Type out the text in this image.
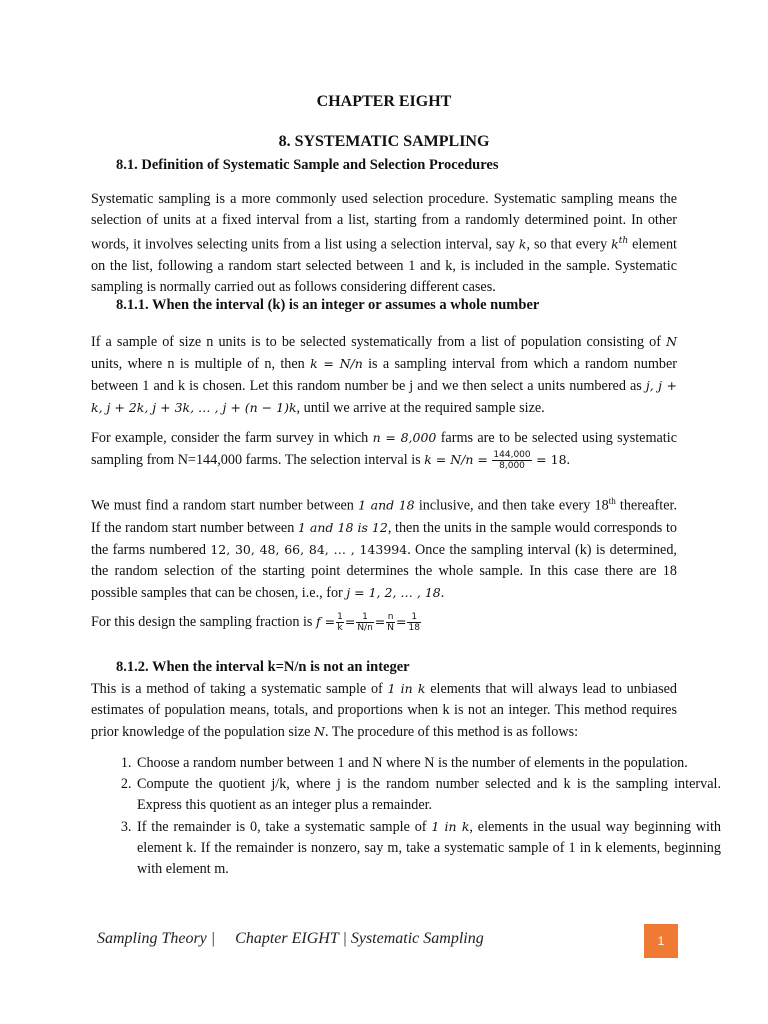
CHAPTER EIGHT
8. SYSTEMATIC SAMPLING
8.1. Definition of Systematic Sample and Selection Procedures
Systematic sampling is a more commonly used selection procedure. Systematic sampling means the selection of units at a fixed interval from a list, starting from a randomly determined point. In other words, it involves selecting units from a list using a selection interval, say k, so that every $k^{th}$ element on the list, following a random start selected between 1 and k, is included in the sample. Systematic sampling is normally carried out as follows considering different cases.
8.1.1. When the interval (k) is an integer or assumes a whole number
If a sample of size n units is to be selected systematically from a list of population consisting of N units, where n is multiple of n, then k = N/n is a sampling interval from which a random number between 1 and k is chosen. Let this random number be j and we then select a units numbered as j, j + k, j + 2k, j + 3k, … , j + (n − 1)k, until we arrive at the required sample size.
For example, consider the farm survey in which n = 8,000 farms are to be selected using systematic sampling from N=144,000 farms. The selection interval is $k = N/n = \frac{144,000}{8,000} = 18$.
We must find a random start number between 1 and 18 inclusive, and then take every 18th thereafter. If the random start number between 1 and 18 is 12, then the units in the sample would corresponds to the farms numbered 12, 30, 48, 66, 84, … , 143994. Once the sampling interval (k) is determined, the random selection of the starting point determines the whole sample. In this case there are 18 possible samples that can be chosen, i.e., for j = 1, 2, … , 18.
For this design the sampling fraction is $f = \frac{1}{k} = \frac{1}{N/n} = \frac{n}{N} = \frac{1}{18}$
8.1.2. When the interval k=N/n is not an integer
This is a method of taking a systematic sample of 1 in k elements that will always lead to unbiased estimates of population means, totals, and proportions when k is not an integer. This method requires prior knowledge of the population size N. The procedure of this method is as follows:
1. Choose a random number between 1 and N where N is the number of elements in the population.
2. Compute the quotient j/k, where j is the random number selected and k is the sampling interval. Express this quotient as an integer plus a remainder.
3. If the remainder is 0, take a systematic sample of 1 in k, elements in the usual way beginning with element k. If the remainder is nonzero, say m, take a systematic sample of 1 in k elements, beginning with element m.
Sampling Theory | Chapter EIGHT | Systematic Sampling	1
